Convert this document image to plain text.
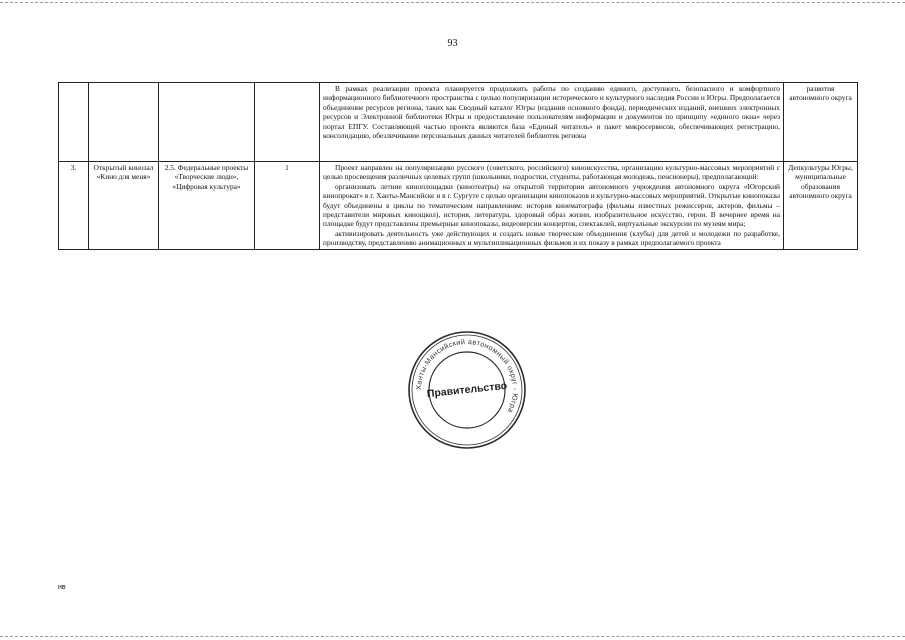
93

				В рамках реализации проекта планируется продолжить работы по созданию единого, доступного, безопасного и комфортного информационного библиотечного пространства с целью популяризации исторического и культурного наследия России и Югры. Предполагается объединение ресурсов региона, таких как Сводный каталог Югры (издания основного фонда), периодических изданий, внешних электронных ресурсов и Электронной библиотеки Югры и предоставление пользователям информации и документов по принципу «единого окна» через портал ЕПГУ. Составляющей частью проекта являются база «Единый читатель» и пакет микросервисов, обеспечивающих регистрацию, консолидацию, обезличивание персональных данных читателей библиотек региона	развития автономного округа
3.	Открытый кинозал «Кино для меня»	2.5. Федеральные проекты «Творческие люди», «Цифровая культура»	1	Проект направлен на популяризацию русского (советского, российского) киноискусства, организацию культурно-массовых мероприятий с целью просвещения различных целевых групп (школьники, подростки, студенты, работающая молодежь, пенсионеры), предполагающий:

организовать летние киноплощадки (кинотеатры) на открытой территории автономного учреждения автономного округа «Югорский кинопрокат» в г. Ханты-Мансийске и в г. Сургуте с целью организации кинопоказов и культурно-массовых мероприятий. Открытые кинопоказы будут объединены в циклы по тематическим направлениям: история кинематографа (фильмы известных режиссеров, актеров, фильмы – представители мировых кинощкол), история, литература, здоровый образ жизни, изобразительное искусство, герои. В вечернее время на площадке будут представлены премьерные кинопоказы, видеоверсии концертов, спектаклей, виртуальные экскурсии по музеям мира;

активизировать деятельность уже действующих и создать новые творческие объединения (клубы) для детей и молодежи по разработке, производству, представлению анимационных и мультипликационных фильмов и их показу в рамках предполагаемого проекта	Депкультуры Югры, муниципальные образования автономного округа
Ханты-Мансийский автономный округ - Югра
Правительство
нв
